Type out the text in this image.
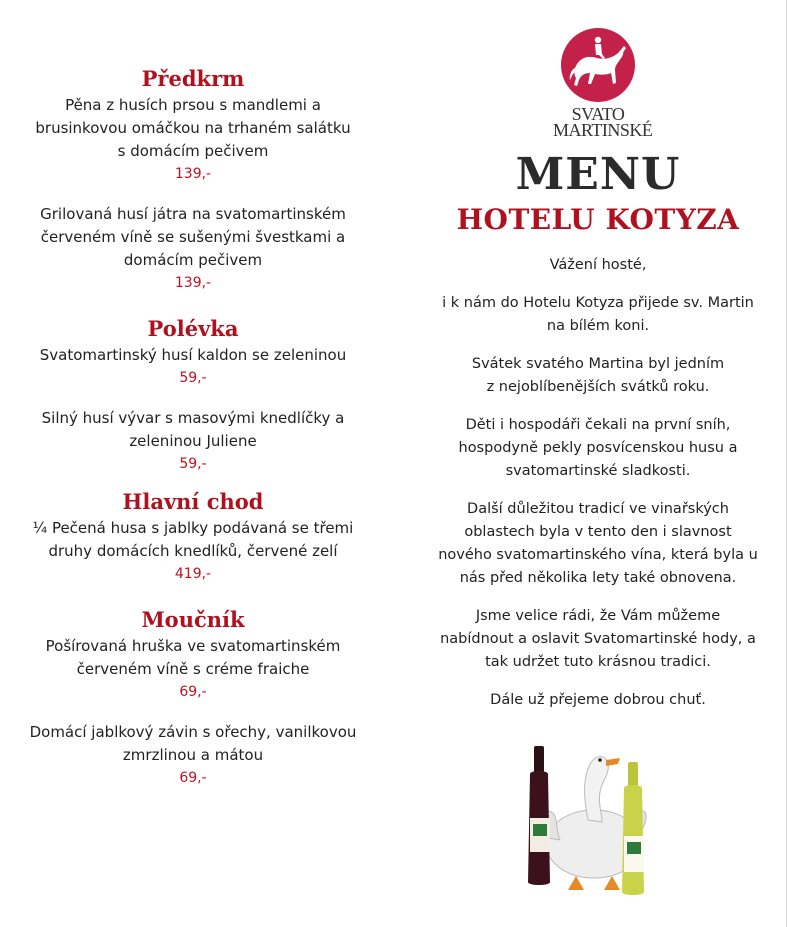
Předkrm

Pěna z husích prsou s mandlemi a

brusinkovou omáčkou na trhaném salátku

s domácím pečivem

139,-

Grilovaná husí játra na svatomartinském

červeném víně se sušenými švestkami a

domácím pečivem

139,-

Polévka

Svatomartinský husí kaldon se zeleninou

59,-

Silný husí vývar s masovými knedlíčky a

zeleninou Juliene

59,-

Hlavní chod

¼ Pečená husa s jablky podávaná se třemi

druhy domácích knedlíků, červené zelí

419,-

Moučník

Pošírovaná hruška ve svatomartinském

červeném víně s créme fraiche

69,-

Domácí jablkový závin s ořechy, vanilkovou

zmrzlinou a mátou

69,-

SVATO
MARTINSKÉ
MENU
HOTELU KOTYZA

Vážení hosté,

i k nám do Hotelu Kotyza přijede sv. Martin
na bílém koni.

Svátek svatého Martina byl jedním
z nejoblíbenějších svátků roku.

Děti i hospodáři čekali na první sníh,
hospodyně pekly posvícenskou husu a
svatomartinské sladkosti.

Další důležitou tradicí ve vinařských
oblastech byla v tento den i slavnost
nového svatomartinského vína, která byla u
nás před několika lety také obnovena.

Jsme velice rádi, že Vám můžeme
nabídnout a oslavit Svatomartinské hody, a
tak udržet tuto krásnou tradici.

Dále už přejeme dobrou chuť.
